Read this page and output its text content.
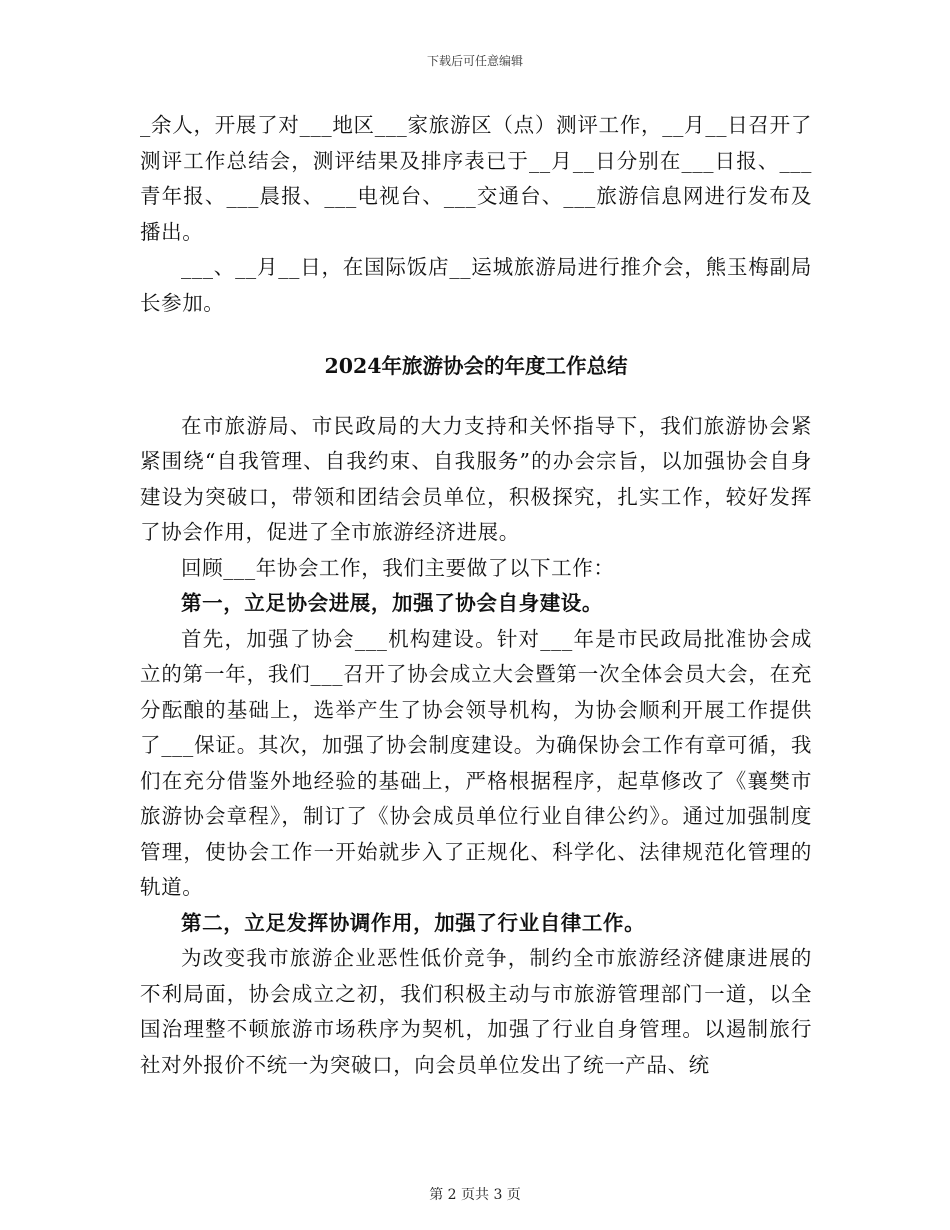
下载后可任意编辑

_余人，开展了对___地区___家旅游区（点）测评工作，__月__日召开了测评工作总结会，测评结果及排序表已于__月__日分别在___日报、___青年报、___晨报、___电视台、___交通台、___旅游信息网进行发布及播出。

___、__月__日，在国际饭店__运城旅游局进行推介会，熊玉梅副局长参加。

2024年旅游协会的年度工作总结

在市旅游局、市民政局的大力支持和关怀指导下，我们旅游协会紧紧围绕“自我管理、自我约束、自我服务”的办会宗旨，以加强协会自身建设为突破口，带领和团结会员单位，积极探究，扎实工作，较好发挥了协会作用，促进了全市旅游经济进展。

回顾___年协会工作，我们主要做了以下工作：

第一，立足协会进展，加强了协会自身建设。

首先，加强了协会___机构建设。针对___年是市民政局批准协会成立的第一年，我们___召开了协会成立大会暨第一次全体会员大会，在充分酝酿的基础上，选举产生了协会领导机构，为协会顺利开展工作提供了___保证。其次，加强了协会制度建设。为确保协会工作有章可循，我们在充分借鉴外地经验的基础上，严格根据程序，起草修改了《襄樊市旅游协会章程》，制订了《协会成员单位行业自律公约》。通过加强制度管理，使协会工作一开始就步入了正规化、科学化、法律规范化管理的轨道。

第二，立足发挥协调作用，加强了行业自律工作。

为改变我市旅游企业恶性低价竞争，制约全市旅游经济健康进展的不利局面，协会成立之初，我们积极主动与市旅游管理部门一道，以全国治理整不顿旅游市场秩序为契机，加强了行业自身管理。以遏制旅行社对外报价不统一为突破口，向会员单位发出了统一产品、统

第 2 页共 3 页
